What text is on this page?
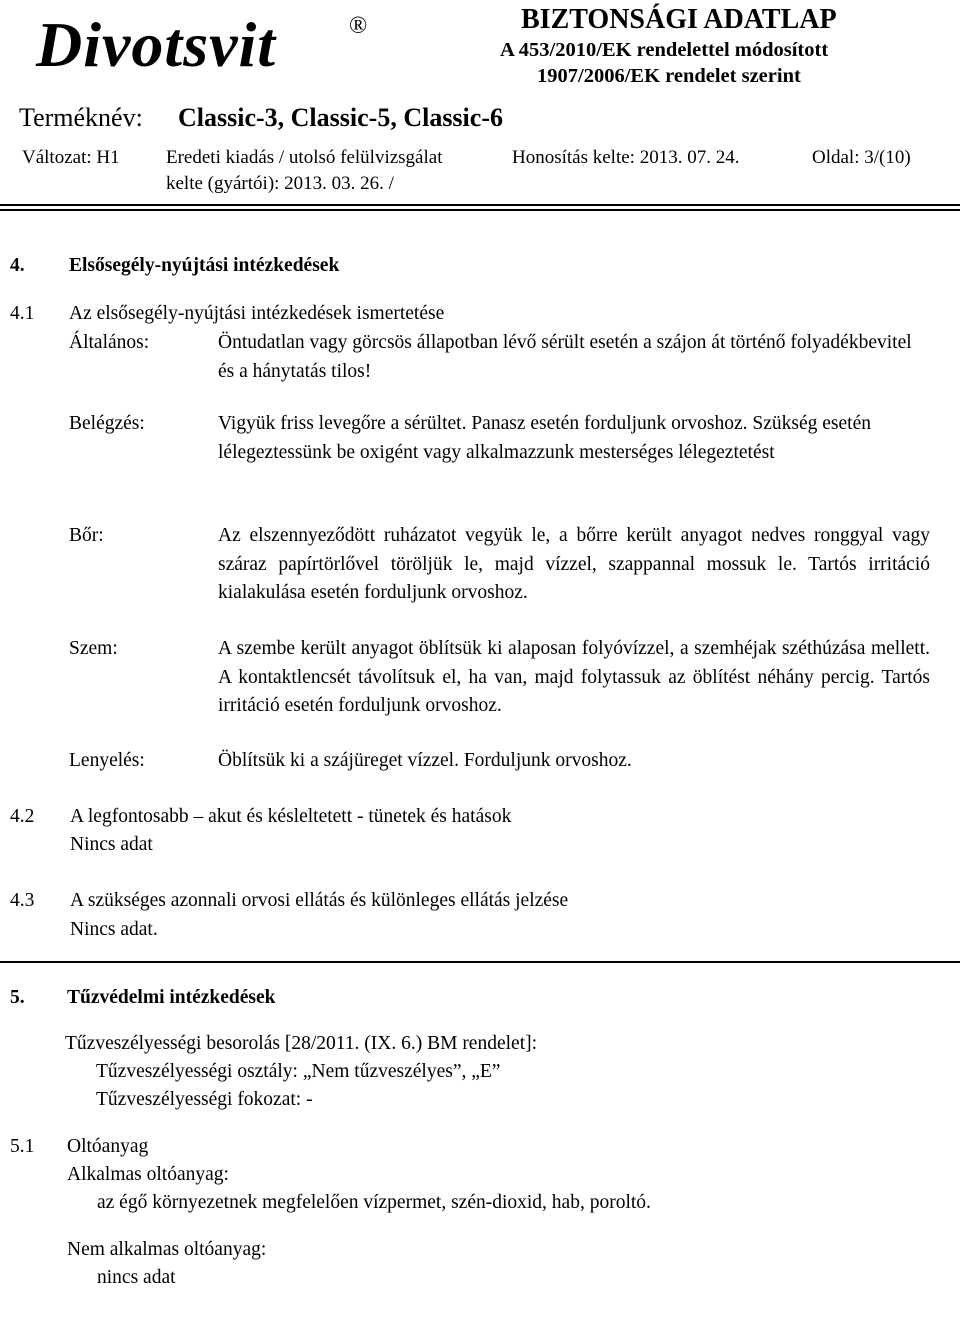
Divotsvit	®	BIZTONSÁGI ADATLAP
A 453/2010/EK rendelettel módosított
1907/2006/EK rendelet szerint
Terméknév: Classic-3, Classic-5, Classic-6
Változat: H1 Eredeti kiadás / utolsó felülvizsgálat
kelte (gyártói): 2013. 03. 26. /
Honosítás kelte: 2013. 07. 24.	Oldal: 3/(10)
4. Elsősegély-nyújtási intézkedések
4.1 Az elsősegély-nyújtási intézkedések ismertetése
Általános:	Öntudatlan vagy görcsös állapotban lévő sérült esetén a szájon át történő folyadékbevitel és a hánytatás tilos!
Belégzés:	Vigyük friss levegőre a sérültet. Panasz esetén forduljunk orvoshoz. Szükség esetén lélegeztessünk be oxigént vagy alkalmazzunk mesterséges lélegeztetést
Bőr:	Az elszennyeződött ruházatot vegyük le, a bőrre került anyagot nedves ronggyal vagy száraz papírtörlővel töröljük le, majd vízzel, szappannal mossuk le. Tartós irritáció kialakulása esetén forduljunk orvoshoz.
Szem:	A szembe került anyagot öblítsük ki alaposan folyóvízzel, a szemhéjak széthúzása mellett. A kontaktlencsét távolítsuk el, ha van, majd folytassuk az öblítést néhány percig. Tartós irritáció esetén forduljunk orvoshoz.
Lenyelés:	Öblítsük ki a szájüreget vízzel. Forduljunk orvoshoz.
4.2 A legfontosabb – akut és késleltetett - tünetek és hatások
Nincs adat
4.3 A szükséges azonnali orvosi ellátás és különleges ellátás jelzése
Nincs adat.
5. Tűzvédelmi intézkedések
Tűzveszélyességi besorolás [28/2011. (IX. 6.) BM rendelet]:
Tűzveszélyességi osztály: „Nem tűzveszélyes”, „E”
Tűzveszélyességi fokozat: -
5.1 Oltóanyag
Alkalmas oltóanyag:
az égő környezetnek megfelelően vízpermet, szén-dioxid, hab, poroltó.
Nem alkalmas oltóanyag:
nincs adat
